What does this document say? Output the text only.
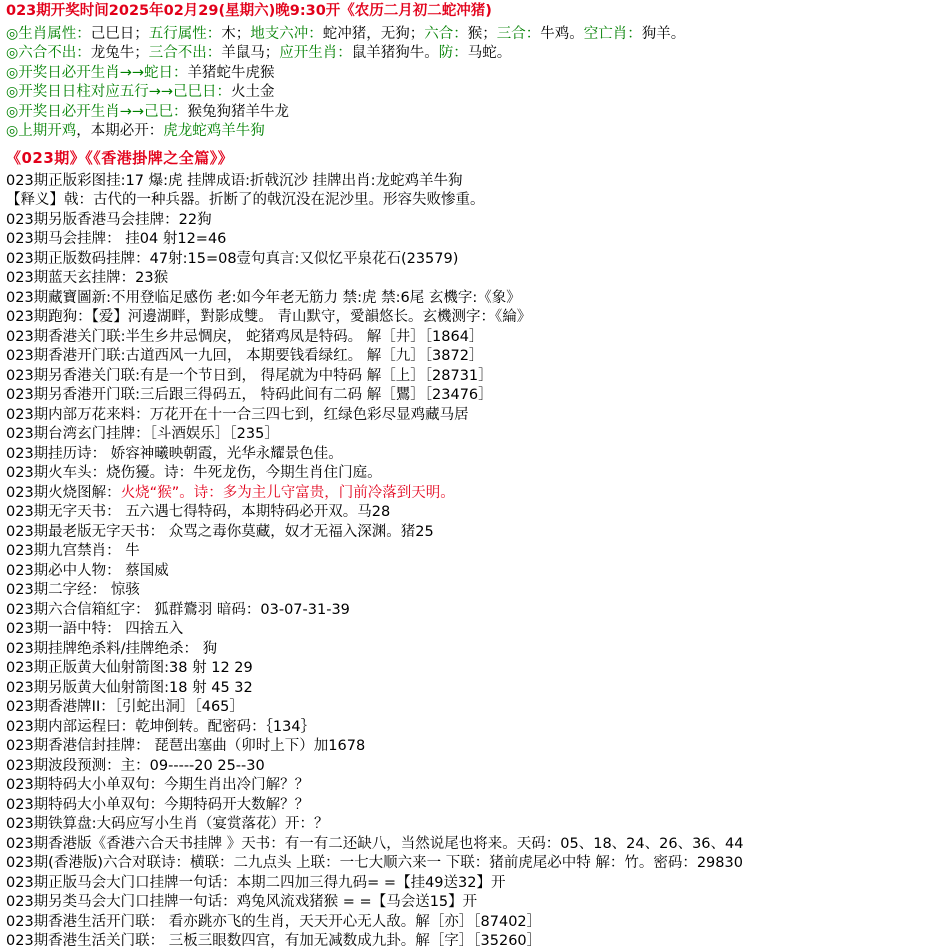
023期开奖时间2025年02月29(星期六)晚9:30开《农历二月初二蛇冲猪)
◎生肖属性：己巳日；五行属性：木；地支六冲：蛇冲猪，无狗；六合：猴；三合：牛鸡。空亡肖：狗羊。
◎六合不出：龙兔牛；三合不出：羊鼠马；应开生肖：鼠羊猪狗牛。防：马蛇。
◎开奖日必开生肖→→蛇日：羊猪蛇牛虎猴
◎开奖日日柱对应五行→→己巳日：火土金
◎开奖日必开生肖→→己巳：猴兔狗猪羊牛龙
◎上期开鸡，本期必开：虎龙蛇鸡羊牛狗
《023期》《《香港掛牌之全篇》》
023期正版彩图挂:17 爆:虎 挂牌成语:折戟沉沙 挂牌出肖:龙蛇鸡羊牛狗
【释义】戟：古代的一种兵器。折断了的戟沉没在泥沙里。形容失败惨重。
023期另版香港马会挂牌：22狗
023期马会挂牌： 挂04 射12=46
023期正版数码挂牌：47射:15=08壹句真言:又似忆平泉花石(23579)
023期蓝天玄挂牌：23猴
023期藏寶圖新:不用登临足感伤 老:如今年老无筋力 禁:虎 禁:6尾 玄機字:《象》
023期跑狗：【爱】河邊湖畔，對影成雙。 青山默守，愛韻悠长。玄機测字：《綸》
023期香港关门联:半生乡井忌惆戾， 蛇猪鸡凤是特码。 解［井］［1864］
023期香港开门联:古道西风一九回， 本期要钱看绿红。 解［九］［3872］
023期另香港关门联:有是一个节日到， 得尾就为中特码 解［上］［28731］
023期另香港开门联:三后跟三得码五， 特码此间有二码 解［鸎］［23476］
023期内部万花来料：万花开在十一合三四七到，红绿色彩尽显鸡藏马居
023期台湾玄门挂牌：［斗酒娱乐］［235］
023期挂历诗： 娇容神曦映朝霞，光华永耀景色佳。
023期火车头：烧伤獶。诗：牛死龙伤，今期生肖住门庭。
023期火烧图解：火烧“猴”。诗：多为主儿守富贵，门前冷落到天明。
023期无字天书： 五六遇七得特码，本期特码必开双。马28
023期最老版无字天书： 众骂之毒你莫藏，奴才无福入深渊。猪25
023期九宫禁肖： 牛
023期必中人物： 蔡国威
023期二字经： 惊骇
023期六合信箱紅字： 狐群鷟羽 暗码：03-07-31-39
023期一語中特： 四捨五入
023期挂牌绝杀料/挂牌绝杀： 狗
023期正版黄大仙射箭图:38 射 12 29
023期另版黄大仙射箭图:18 射 45 32
023期香港牌II：［引蛇出洞］［465］
023期内部运程曰：乾坤倒转。配密码：｛134｝
023期香港信封挂牌： 琵琶出塞曲（卯时上下）加1678
023期波段预测：主：09-----20 25--30
023期特码大小单双句：今期生肖出冷门解？？
023期特码大小单双句：今期特码开大数解？？
023期铁算盘:大码应写小生肖（宴赏落花）开：？
023期香港版《香港六合天书挂牌 》天书：有一有二还缺八，当然说尾也将来。天码：05、18、24、26、36、44
023期(香港版)六合对联诗：横联：二九点头 上联：一七大顺六来一 下联：猪前虎尾必中特 解：竹。密码：29830
023期正版马会大门口挂牌一句话：本期二四加三得九码= =【挂49送32】开
023期另类马会大门口挂牌一句话：鸡兔风流戏猪猴 = =【马会送15】开
023期香港生活开门联： 看亦跳亦飞的生肖，天天开心无人敌。解［亦］［87402］
023期香港生活关门联： 三板三眼数四宫，有加无减数成九卦。解［字］［35260］
